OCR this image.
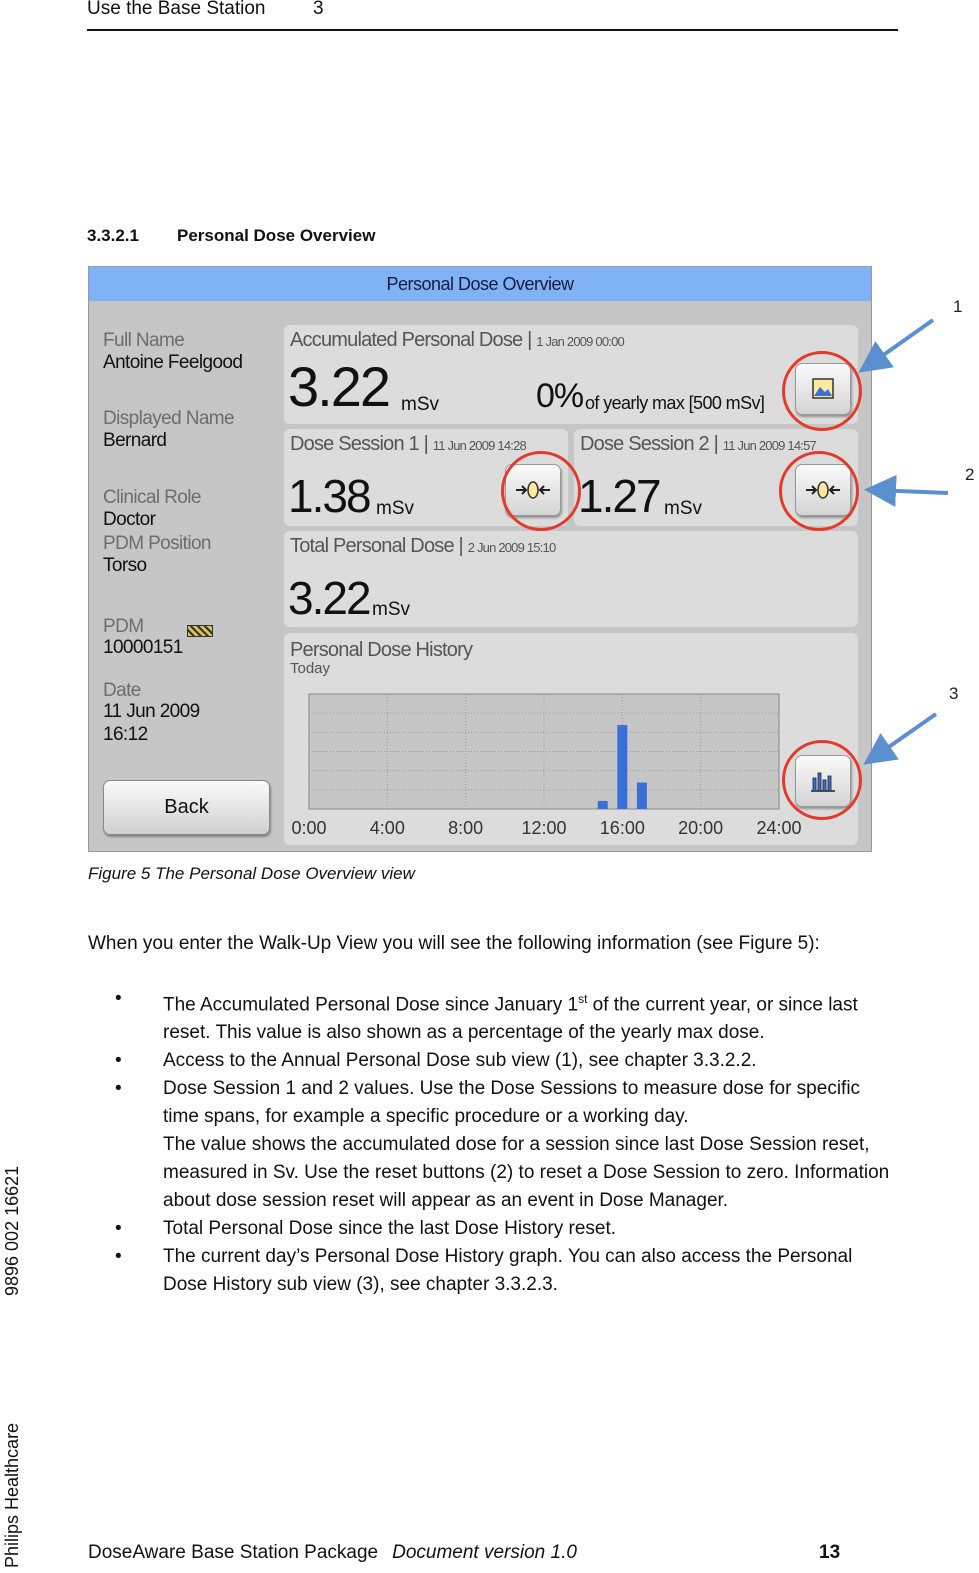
Use the Base Station	3
3.3.2.1 Personal Dose Overview
Personal Dose Overview
Full Name
Antoine Feelgood
Displayed Name
Bernard
Clinical Role
Doctor
PDM Position
Torso
PDM
10000151
Date
11 Jun 2009
16:12
Back
Accumulated Personal Dose | 1 Jan 2009 00:00
3.22 mSv	0% of yearly max [500 mSv]
Dose Session 1 | 11 Jun 2009 14:28
1.38 mSv
Dose Session 2 | 11 Jun 2009 14:57
1.27 mSv
Total Personal Dose | 2 Jun 2009 15:10
3.22 mSv
Personal Dose History
Today
0:00 4:00 8:00 12:00 16:00 20:00 24:00
1
2
3
Figure 5 The Personal Dose Overview view
When you enter the Walk-Up View you will see the following information (see Figure 5):
• The Accumulated Personal Dose since January 1st of the current year, or since last reset. This value is also shown as a percentage of the yearly max dose.
• Access to the Annual Personal Dose sub view (1), see chapter 3.3.2.2.
• Dose Session 1 and 2 values. Use the Dose Sessions to measure dose for specific time spans, for example a specific procedure or a working day.
The value shows the accumulated dose for a session since last Dose Session reset, measured in Sv. Use the reset buttons (2) to reset a Dose Session to zero. Information about dose session reset will appear as an event in Dose Manager.
• Total Personal Dose since the last Dose History reset.
• The current day’s Personal Dose History graph. You can also access the Personal Dose History sub view (3), see chapter 3.3.2.3.
Philips Healthcare
9896 002 16621
DoseAware Base Station Package Document version 1.0	13
